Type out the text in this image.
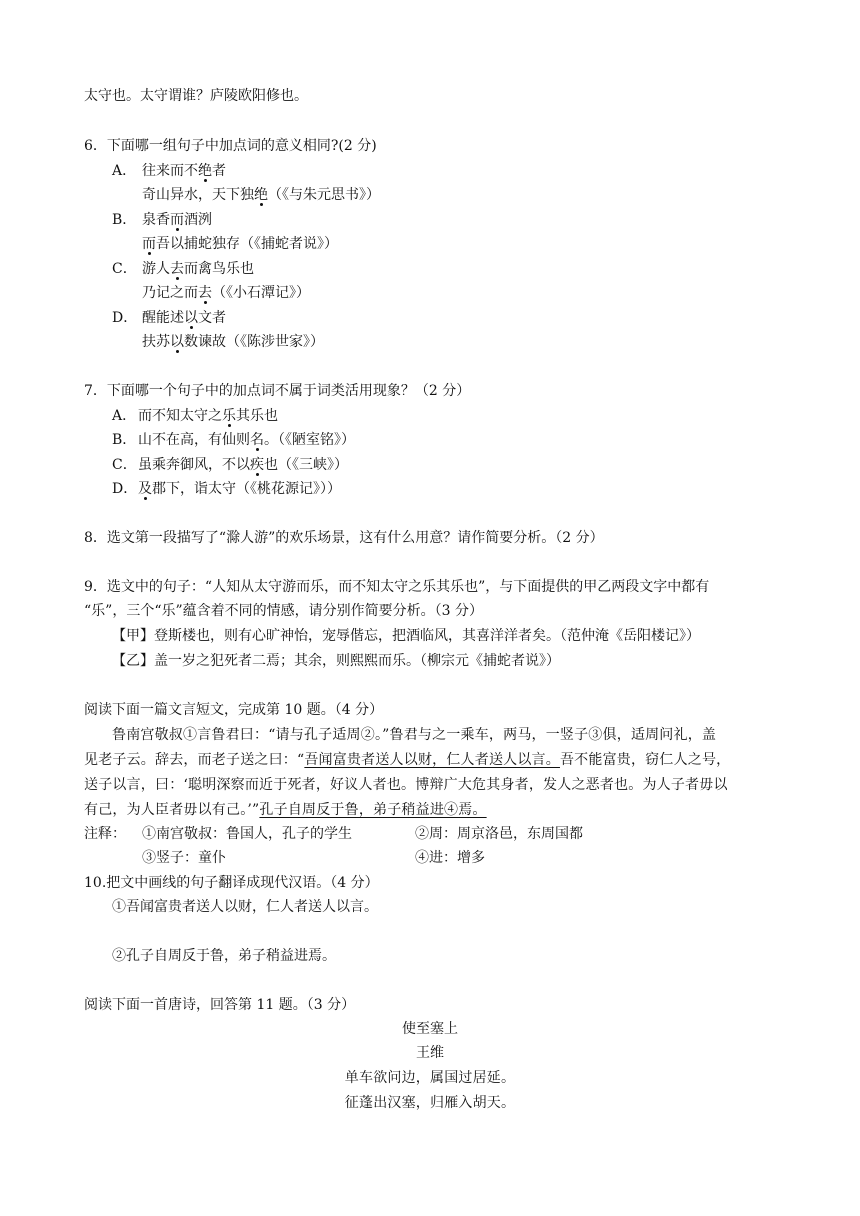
太守也。太守谓谁？庐陵欧阳修也。
6．下面哪一组句子中加点词的意义相同?(2 分)
A． 往来而不绝者
奇山异水，天下独绝（《与朱元思书》）
B． 泉香而酒洌
而吾以捕蛇独存（《捕蛇者说》）
C． 游人去而禽鸟乐也
乃记之而去（《小石潭记》）
D． 醒能述以文者
扶苏以数谏故（《陈涉世家》）
7．下面哪一个句子中的加点词不属于词类活用现象？（2 分）
A． 而不知太守之乐其乐也
B． 山不在高，有仙则名。（《陋室铭》）
C．虽乘奔御风，不以疾也（《三峡》）
D．及郡下，诣太守（《桃花源记》））
8．选文第一段描写了“滁人游”的欢乐场景，这有什么用意？请作简要分析。（2 分）
9．选文中的句子：“人知从太守游而乐，而不知太守之乐其乐也”，与下面提供的甲乙两段文字中都有
“乐”，三个“乐”蕴含着不同的情感，请分别作简要分析。（3 分）
【甲】登斯楼也，则有心旷神怡，宠辱偕忘，把酒临风，其喜洋洋者矣。（范仲淹《岳阳楼记》）
【乙】盖一岁之犯死者二焉；其余，则熙熙而乐。（柳宗元《捕蛇者说》）
阅读下面一篇文言短文，完成第 10 题。（4 分）
鲁南宫敬叔①言鲁君曰：“请与孔子适周②。”鲁君与之一乘车，两马，一竖子③俱，适周问礼，盖
见老子云。辞去，而老子送之曰：“吾闻富贵者送人以财，仁人者送人以言。吾不能富贵，窃仁人之号，
送子以言，曰：‘聪明深察而近于死者，好议人者也。博辩广大危其身者，发人之恶者也。为人子者毋以
有己，为人臣者毋以有己。’”孔子自周反于鲁，弟子稍益进④焉。
注释： ①南宫敬叔：鲁国人，孔子的学生	②周：周京洛邑，东周国都
③竖子：童仆	④进：增多
10.把文中画线的句子翻译成现代汉语。（4 分）
①吾闻富贵者送人以财，仁人者送人以言。
②孔子自周反于鲁，弟子稍益进焉。
阅读下面一首唐诗，回答第 11 题。（3 分）
使至塞上
王维
单车欲问边，属国过居延。
征蓬出汉塞，归雁入胡天。
